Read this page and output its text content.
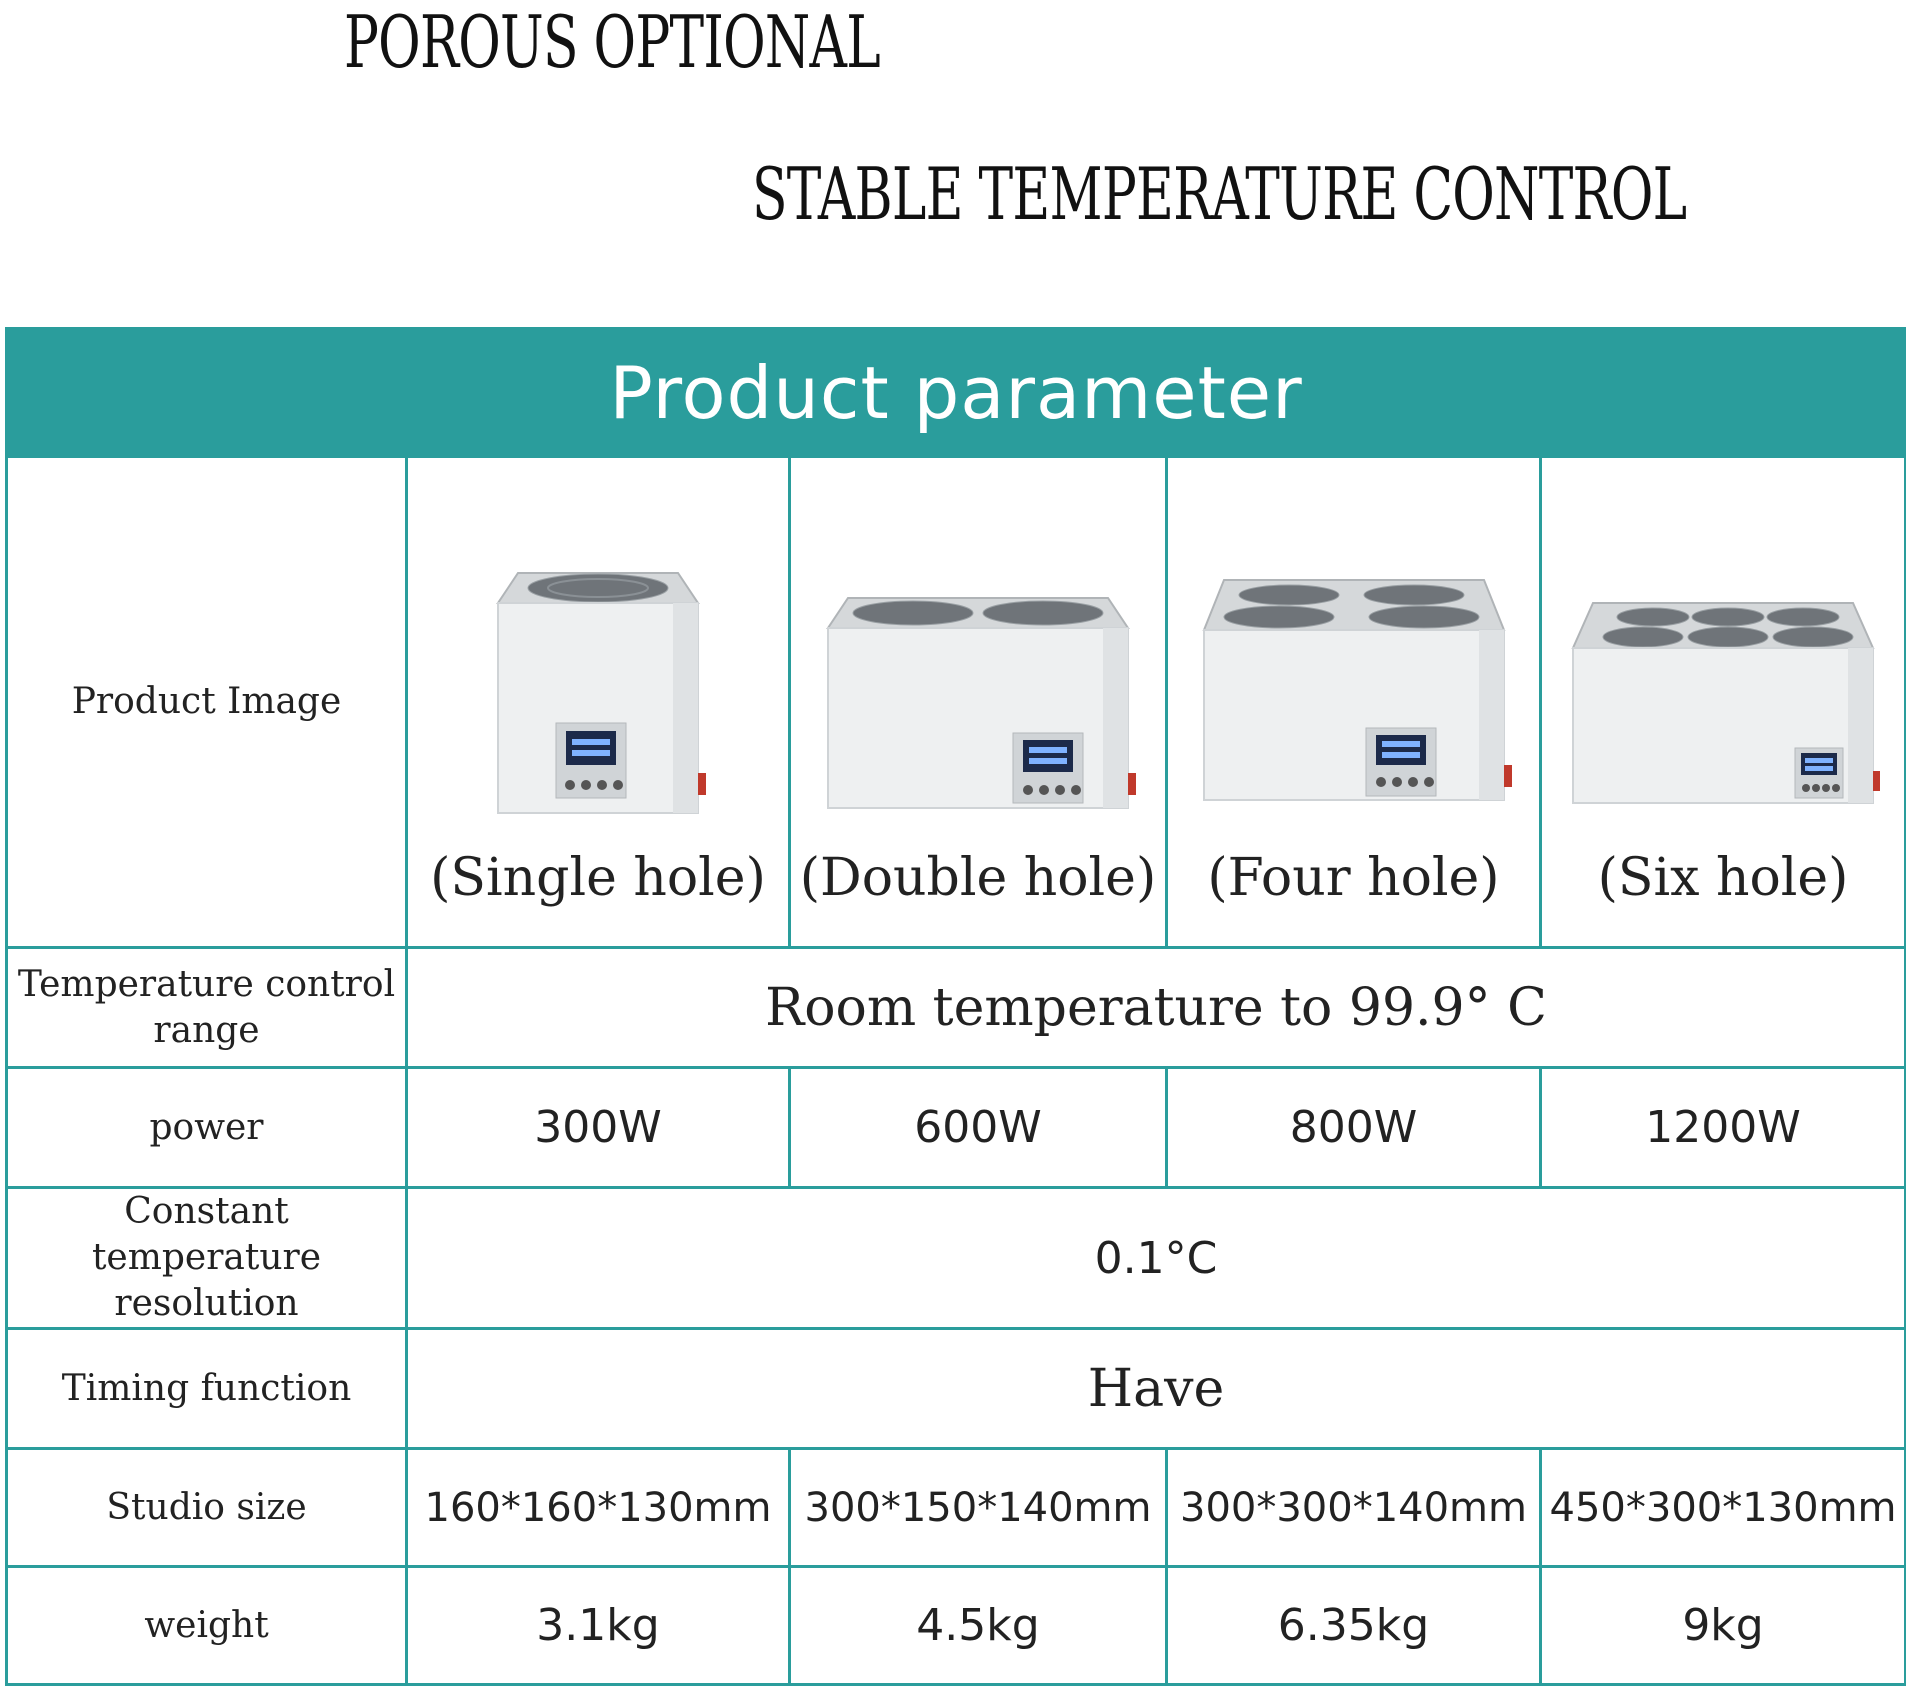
POROUS OPTIONAL
STABLE TEMPERATURE CONTROL
Product parameter				
Product Image	(Single hole)	(Double hole)	(Four hole)	(Six hole)

Temperature control range	Room temperature to 99.9° C			
power	300W	600W	800W	1200W
Constant temperature resolution	0.1°C			
Timing function	Have			
Studio size	160*160*130mm	300*150*140mm	300*300*140mm	450*300*130mm
weight	3.1kg	4.5kg	6.35kg	9kg
